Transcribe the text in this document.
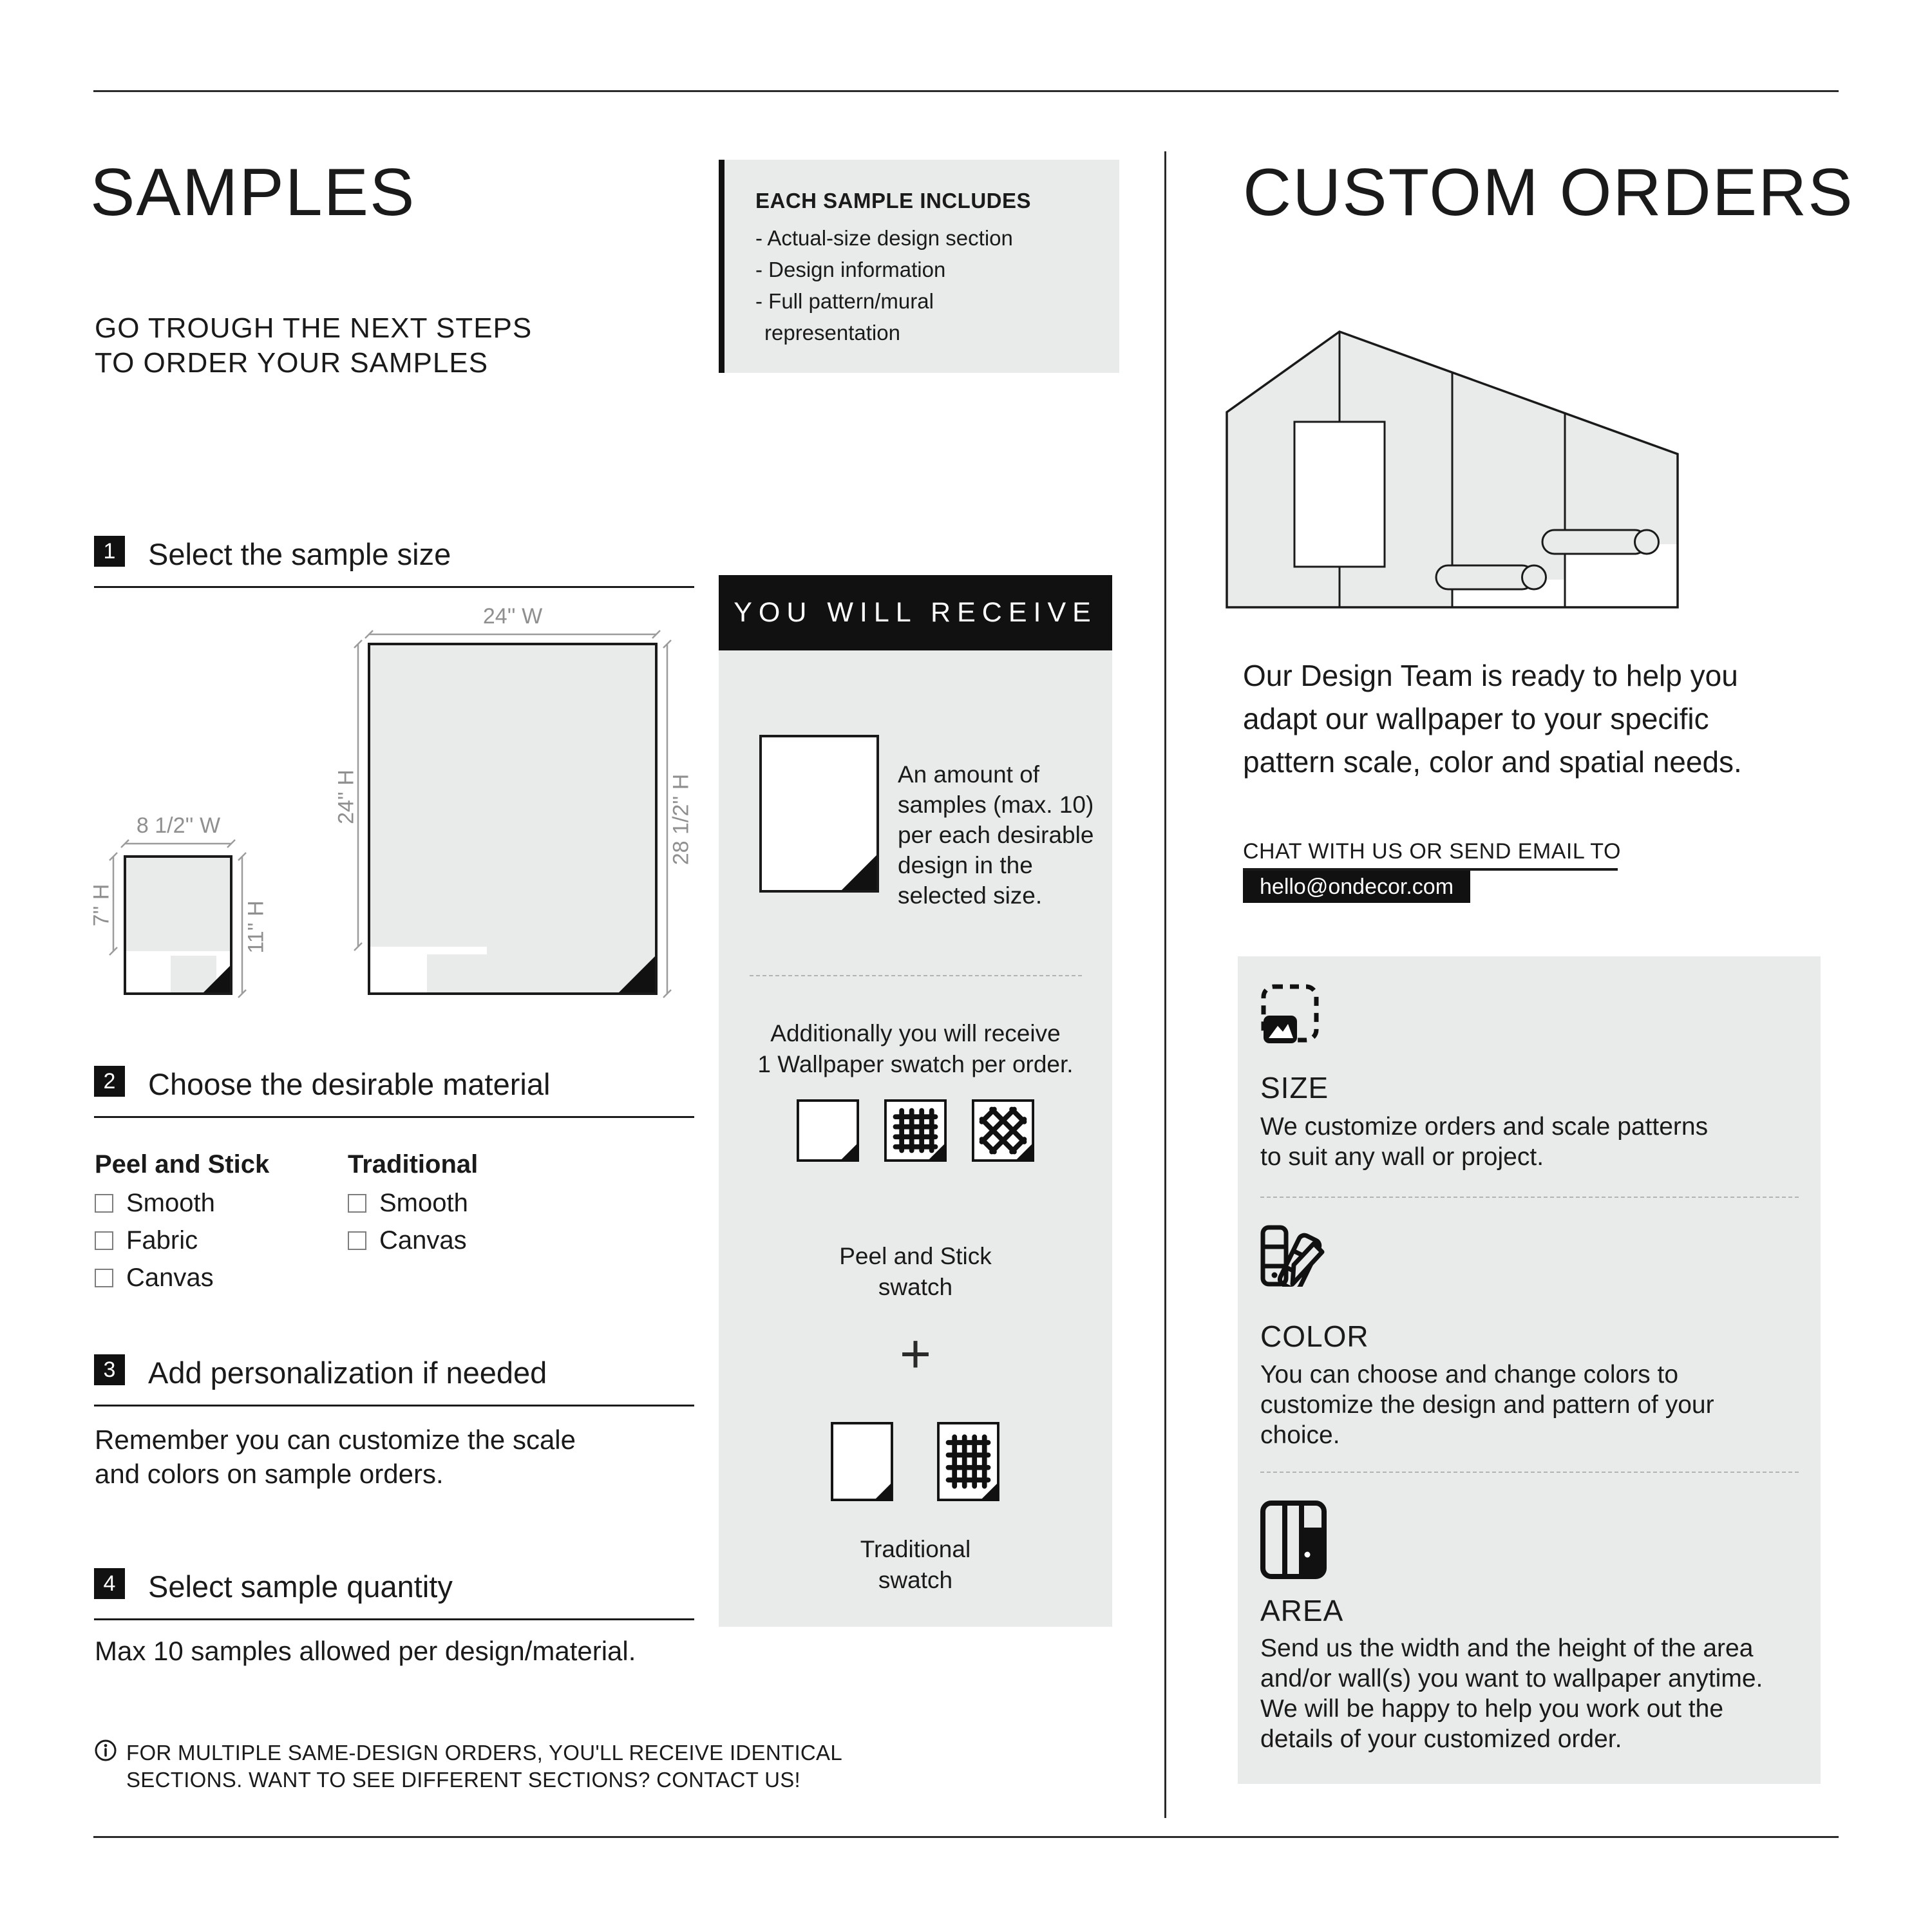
SAMPLES
GO TROUGH THE NEXT STEPS
TO ORDER YOUR SAMPLES
EACH SAMPLE INCLUDES
- Actual-size design section
- Design information
- Full pattern/mural
representation
1	Select the sample size
24'' W
24'' H	28 1/2'' H
8 1/2'' W
7'' H	11'' H
2	Choose the desirable material
Peel and Stick	Traditional
Smooth
Fabric
Canvas
Smooth
Canvas
3	Add personalization if needed
Remember you can customize the scale
and colors on sample orders.
4	Select sample quantity
Max 10 samples allowed per design/material.
FOR MULTIPLE SAME-DESIGN ORDERS, YOU'LL RECEIVE IDENTICAL
SECTIONS. WANT TO SEE DIFFERENT SECTIONS? CONTACT US!
YOU WILL RECEIVE
An amount of
samples (max. 10)
per each desirable
design in the
selected size.
Additionally you will receive
1 Wallpaper swatch per order.
Peel and Stick
swatch
+
Traditional
swatch
CUSTOM ORDERS
Our Design Team is ready to help you
adapt our wallpaper to your specific
pattern scale, color and spatial needs.
CHAT WITH US OR SEND EMAIL TO
hello@ondecor.com
SIZE
We customize orders and scale patterns
to suit any wall or project.
COLOR
You can choose and change colors to
customize the design and pattern of your
choice.
AREA
Send us the width and the height of the area
and/or wall(s) you want to wallpaper anytime.
We will be happy to help you work out the
details of your customized order.
